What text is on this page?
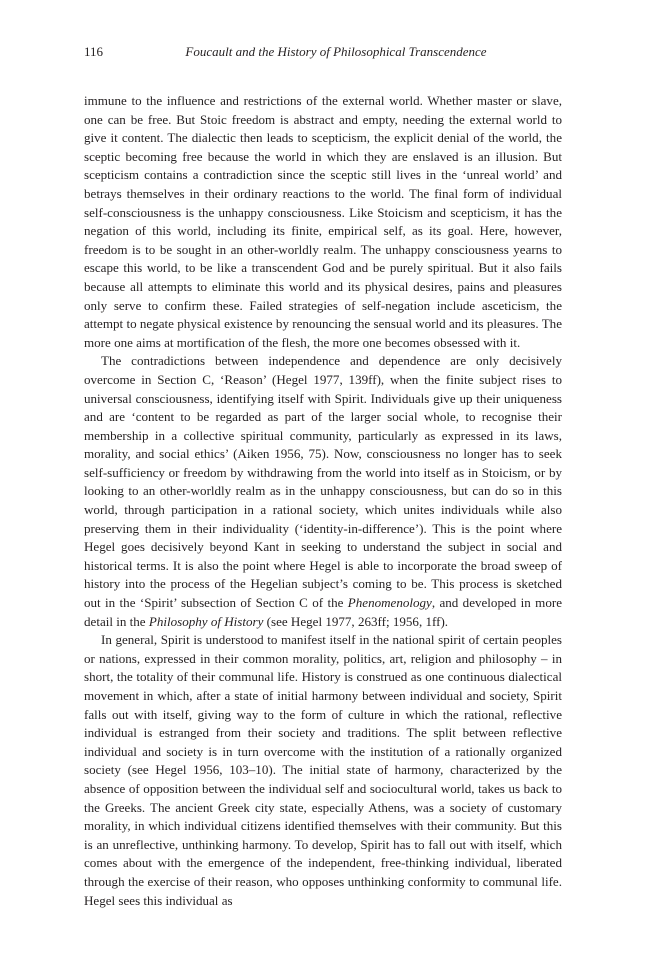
116	Foucault and the History of Philosophical Transcendence

immune to the influence and restrictions of the external world. Whether master or slave, one can be free. But Stoic freedom is abstract and empty, needing the external world to give it content. The dialectic then leads to scepticism, the explicit denial of the world, the sceptic becoming free because the world in which they are enslaved is an illusion. But scepticism contains a contradiction since the sceptic still lives in the ‘unreal world’ and betrays themselves in their ordinary reactions to the world. The final form of individual self-consciousness is the unhappy consciousness. Like Stoicism and scepticism, it has the negation of this world, including its finite, empirical self, as its goal. Here, however, freedom is to be sought in an other-worldly realm. The unhappy consciousness yearns to escape this world, to be like a transcendent God and be purely spiritual. But it also fails because all attempts to eliminate this world and its physical desires, pains and pleasures only serve to confirm these. Failed strategies of self-negation include asceticism, the attempt to negate physical existence by renouncing the sensual world and its pleasures. The more one aims at mortification of the flesh, the more one becomes obsessed with it.

The contradictions between independence and dependence are only decisively overcome in Section C, ‘Reason’ (Hegel 1977, 139ff), when the finite subject rises to universal consciousness, identifying itself with Spirit. Individuals give up their uniqueness and are ‘content to be regarded as part of the larger social whole, to recognise their membership in a collective spiritual community, particularly as expressed in its laws, morality, and social ethics’ (Aiken 1956, 75). Now, consciousness no longer has to seek self-sufficiency or freedom by withdrawing from the world into itself as in Stoicism, or by looking to an other-worldly realm as in the unhappy consciousness, but can do so in this world, through participation in a rational society, which unites individuals while also preserving them in their individuality (‘identity-in-difference’). This is the point where Hegel goes decisively beyond Kant in seeking to understand the subject in social and historical terms. It is also the point where Hegel is able to incorporate the broad sweep of history into the process of the Hegelian subject’s coming to be. This process is sketched out in the ‘Spirit’ subsection of Section C of the Phenomenology, and developed in more detail in the Philosophy of History (see Hegel 1977, 263ff; 1956, 1ff).

In general, Spirit is understood to manifest itself in the national spirit of certain peoples or nations, expressed in their common morality, politics, art, religion and philosophy – in short, the totality of their communal life. History is construed as one continuous dialectical movement in which, after a state of initial harmony between individual and society, Spirit falls out with itself, giving way to the form of culture in which the rational, reflective individual is estranged from their society and traditions. The split between reflective individual and society is in turn overcome with the institution of a rationally organized society (see Hegel 1956, 103–10). The initial state of harmony, characterized by the absence of opposition between the individual self and sociocultural world, takes us back to the Greeks. The ancient Greek city state, especially Athens, was a society of customary morality, in which individual citizens identified themselves with their community. But this is an unreflective, unthinking harmony. To develop, Spirit has to fall out with itself, which comes about with the emergence of the independent, free-thinking individual, liberated through the exercise of their reason, who opposes unthinking conformity to communal life. Hegel sees this individual as
